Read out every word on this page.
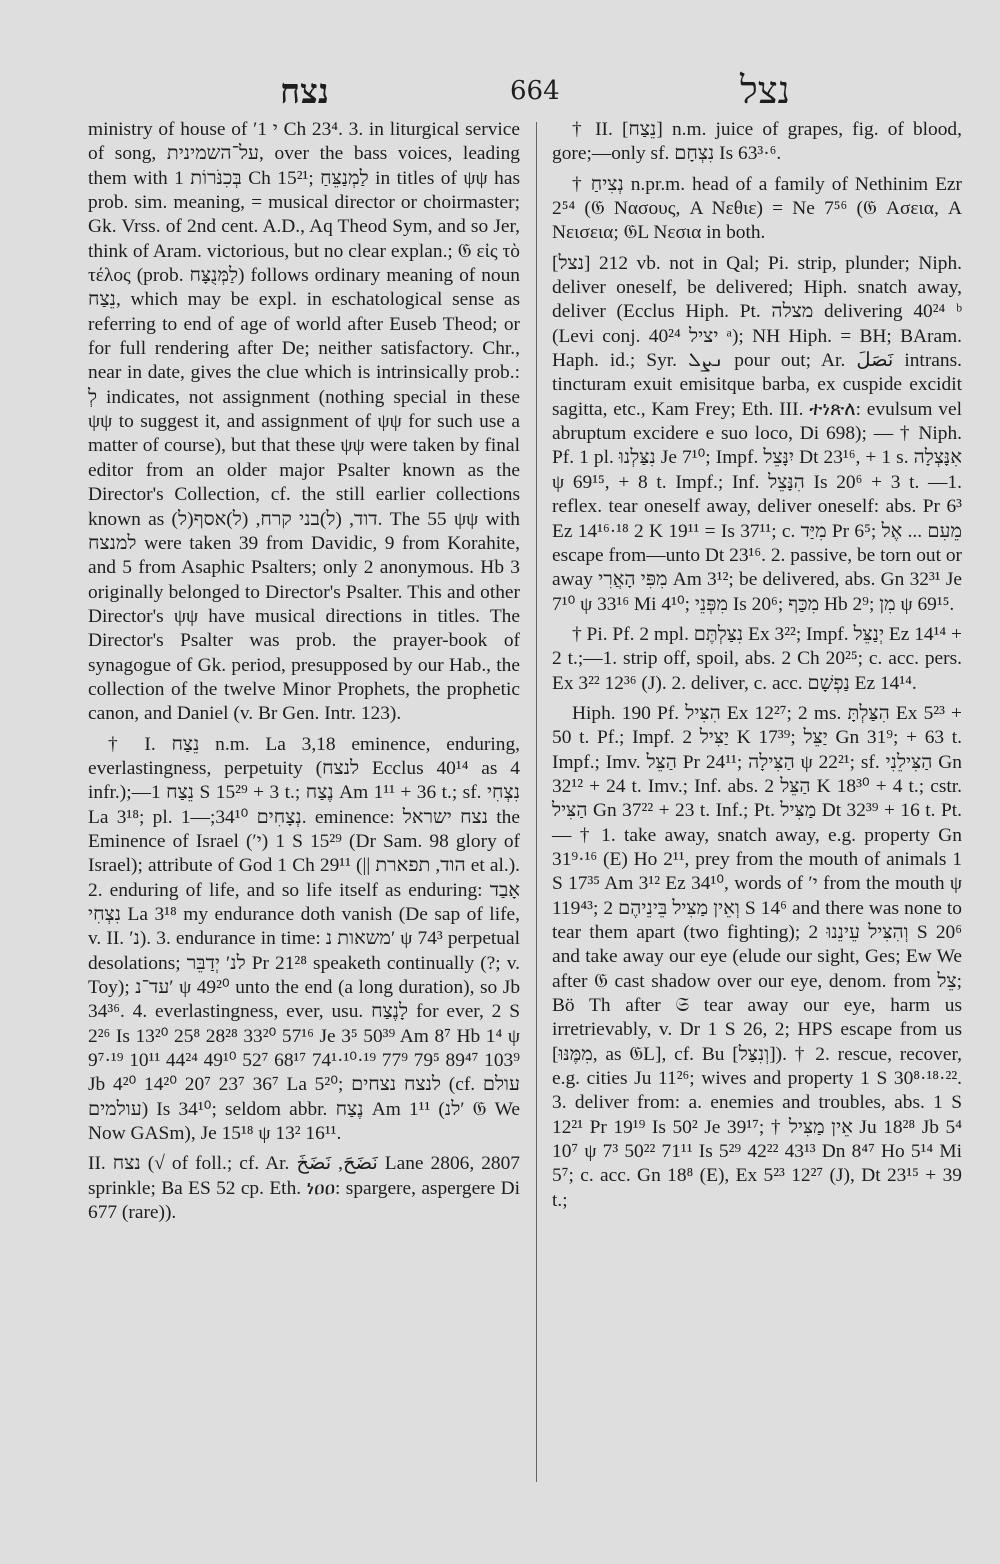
נצח	664	נצל

ministry of house of ′י 1 Ch 23⁴. 3. in liturgical service of song, על־השמינית, over the bass voices, leading them with בְּכִנֹּרוֹת 1 Ch 15²¹; לַמְנַצֵּחַ in titles of ψψ has prob. sim. meaning, = musical director or choirmaster; Gk. Vrss. of 2nd cent. A.D., Aq Theod Sym, and so Jer, think of Aram. victorious, but no clear explan.; 𝔊 εἰς τὸ τέλος (prob. לַמְּנֻצָּח) follows ordinary meaning of noun נֵצַח, which may be expl. in eschatological sense as referring to end of age of world after Euseb Theod; or for full rendering after De; neither satisfactory. Chr., near in date, gives the clue which is intrinsically prob.: לְ indicates, not assignment (nothing special in these ψψ to suggest it, and assignment of ψψ for such use a matter of course), but that these ψψ were taken by final editor from an older major Psalter known as the Director's Collection, cf. the still earlier collections known as (ל)דוד, (ל)בני קרח, (ל)אסף. The 55 ψψ with למנצח were taken 39 from Davidic, 9 from Korahite, and 5 from Asaphic Psalters; only 2 anonymous. Hb 3 originally belonged to Director's Psalter. This and other Director's ψψ have musical directions in titles. The Director's Psalter was prob. the prayer-book of synagogue of Gk. period, presupposed by our Hab., the collection of the twelve Minor Prophets, the prophetic canon, and Daniel (v. Br Gen. Intr. 123).

† I. נֵצַח n.m. La 3,18 eminence, enduring, everlastingness, perpetuity (לנצח Ecclus 40¹⁴ as 4 infr.);—נֵצַח 1 S 15²⁹ + 3 t.; נֶצַח Am 1¹¹ + 36 t.; sf. נִצְחִי La 3¹⁸; pl. נְצָחִים 34¹⁰;—1. eminence: נצח ישראל the Eminence of Israel (′י) 1 S 15²⁹ (Dr Sam. 98 glory of Israel); attribute of God 1 Ch 29¹¹ (|| הוד, תפארת et al.). 2. enduring of life, and so life itself as enduring: אָבַד נִצְחִי La 3¹⁸ my endurance doth vanish (De sap of life, v. II. ′נ). 3. endurance in time: משאות נ′ ψ 74³ perpetual desolations; לנ′ יְדַבֵּר Pr 21²⁸ speaketh continually (?; v. Toy); עד־נ′ ψ 49²⁰ unto the end (a long duration), so Jb 34³⁶. 4. everlastingness, ever, usu. לָנֶצַח for ever, 2 S 2²⁶ Is 13²⁰ 25⁸ 28²⁸ 33²⁰ 57¹⁶ Je 3⁵ 50³⁹ Am 8⁷ Hb 1⁴ ψ 9⁷·¹⁹ 10¹¹ 44²⁴ 49¹⁰ 52⁷ 68¹⁷ 74¹·¹⁰·¹⁹ 77⁹ 79⁵ 89⁴⁷ 103⁹ Jb 4²⁰ 14²⁰ 20⁷ 23⁷ 36⁷ La 5²⁰; לנצח נצחים (cf. עולם עולמים) Is 34¹⁰; seldom abbr. נֶצַח Am 1¹¹ (לנ′ 𝔊 We Now GASm), Je 15¹⁸ ψ 13² 16¹¹.

II. נצח (√ of foll.; cf. Ar. نَضَحَ, نَضَخَ Lane 2806, 2807 sprinkle; Ba ES 52 cp. Eth. ነዐዐ: spargere, aspergere Di 677 (rare)).

† II. [נֵצַח] n.m. juice of grapes, fig. of blood, gore;—only sf. נִצְחָם Is 63³·⁶.

† נְצִיחַ n.pr.m. head of a family of Nethinim Ezr 2⁵⁴ (𝔊 Νασους, A Νεθιε) = Ne 7⁵⁶ (𝔊 Ασεια, A Νεισεια; 𝔊L Νεσια in both.

[נצל] 212 vb. not in Qal; Pi. strip, plunder; Niph. deliver oneself, be delivered; Hiph. snatch away, deliver (Ecclus Hiph. Pt. מצלה delivering 40²⁴ ᵇ (Levi conj. יציל 40²⁴ ᵃ); NH Hiph. = BH; BAram. Haph. id.; Syr. ܢܨܠ pour out; Ar. نَصَلَ intrans. tincturam exuit emisitque barba, ex cuspide excidit sagitta, etc., Kam Frey; Eth. III. ተነጽለ: evulsum vel abruptum excidere e suo loco, Di 698); — † Niph. Pf. 1 pl. נִצַּלְנוּ Je 7¹⁰; Impf. יִנָּצֵל Dt 23¹⁶, + 1 s. אִנָּצְלָה ψ 69¹⁵, + 8 t. Impf.; Inf. הִנָּצֵל Is 20⁶ + 3 t. —1. reflex. tear oneself away, deliver oneself: abs. Pr 6³ Ez 14¹⁶·¹⁸ 2 K 19¹¹ = Is 37¹¹; c. מִיַּד Pr 6⁵; מֵעִם ... אֶל escape from—unto Dt 23¹⁶. 2. passive, be torn out or away מִפִּי הָאֲרִי Am 3¹²; be delivered, abs. Gn 32³¹ Je 7¹⁰ ψ 33¹⁶ Mi 4¹⁰; מִפְּנֵי Is 20⁶; מִכַּף Hb 2⁹; מִן ψ 69¹⁵.

† Pi. Pf. 2 mpl. נִצַּלְתֶּם Ex 3²²; Impf. יְנַצֵּל Ez 14¹⁴ + 2 t.;—1. strip off, spoil, abs. 2 Ch 20²⁵; c. acc. pers. Ex 3²² 12³⁶ (J). 2. deliver, c. acc. נַפְשָׁם Ez 14¹⁴.

Hiph. 190 Pf. הִצִּיל Ex 12²⁷; 2 ms. הִצַּלְתָּ Ex 5²³ + 50 t. Pf.; Impf. יַצִּיל 2 K 17³⁹; יַצֵּל Gn 31⁹; + 63 t. Impf.; Imv. הַצֵּל Pr 24¹¹; הַצִּילָה ψ 22²¹; sf. הַצִּילֵנִי Gn 32¹² + 24 t. Imv.; Inf. abs. הַצֵּל 2 K 18³⁰ + 4 t.; cstr. הַצִּיל Gn 37²² + 23 t. Inf.; Pt. מַצִּיל Dt 32³⁹ + 16 t. Pt. — † 1. take away, snatch away, e.g. property Gn 31⁹·¹⁶ (E) Ho 2¹¹, prey from the mouth of animals 1 S 17³⁵ Am 3¹² Ez 34¹⁰, words of ′י from the mouth ψ 119⁴³; וְאֵין מַצִּיל בֵּינֵיהֶם 2 S 14⁶ and there was none to tear them apart (two fighting); וְהִצִּיל עֵינֵנוּ 2 S 20⁶ and take away our eye (elude our sight, Ges; Ew We after 𝔊 cast shadow over our eye, denom. from צֵל; Bö Th after 𝔖 tear away our eye, harm us irretrievably, v. Dr 1 S 26, 2; HPS escape from us [מִמֶּנּוּ, as 𝔊L], cf. Bu [וְנִצַּל]). † 2. rescue, recover, e.g. cities Ju 11²⁶; wives and property 1 S 30⁸·¹⁸·²². 3. deliver from: a. enemies and troubles, abs. 1 S 12²¹ Pr 19¹⁹ Is 50² Je 39¹⁷; † אֵין מַצִּיל Ju 18²⁸ Jb 5⁴ 10⁷ ψ 7³ 50²² 71¹¹ Is 5²⁹ 42²² 43¹³ Dn 8⁴⁷ Ho 5¹⁴ Mi 5⁷; c. acc. Gn 18⁸ (E), Ex 5²³ 12²⁷ (J), Dt 23¹⁵ + 39 t.;
